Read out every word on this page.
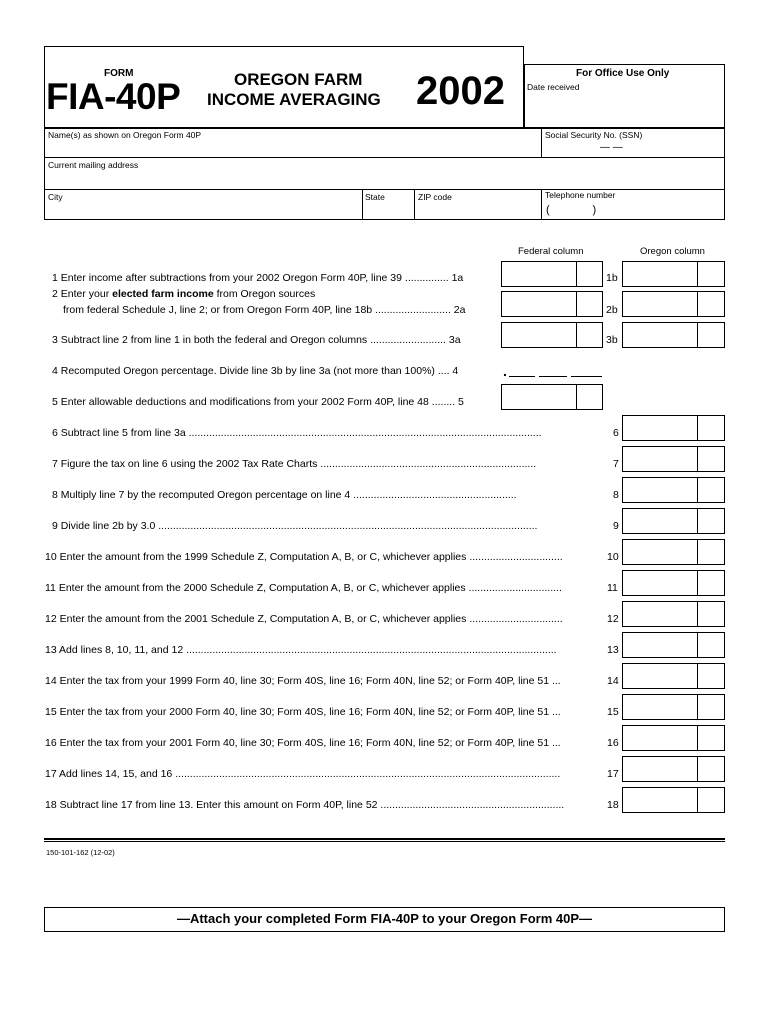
FORM
FIA-40P	OREGON FARM
INCOME AVERAGING 2002	For Office Use Only
Date received
Name(s) as shown on Oregon Form 40P	Social Security No. (SSN)
— —
Current mailing address
City	State	ZIP code	Telephone number
(              )
Federal column	Oregon column
1 Enter income after subtractions from your 2002 Oregon Form 40P, line 39 ............... 1a	1b
2 Enter your elected farm income from Oregon sources
from federal Schedule J, line 2; or from Oregon Form 40P, line 18b .......................... 2a	2b
3 Subtract line 2 from line 1 in both the federal and Oregon columns .......................... 3a	3b
4 Recomputed Oregon percentage. Divide line 3b by line 3a (not more than 100%) .... 4	.
5 Enter allowable deductions and modifications from your 2002 Form 40P, line 48 ........ 5
6 Subtract line 5 from line 3a .........................................................................................................................	6
7 Figure the tax on line 6 using the 2002 Tax Rate Charts ..........................................................................	7
8 Multiply line 7 by the recomputed Oregon percentage on line 4 ........................................................	8
9 Divide line 2b by 3.0 ..................................................................................................................................	9
10 Enter the amount from the 1999 Schedule Z, Computation A, B, or C, whichever applies ................................	10
11 Enter the amount from the 2000 Schedule Z, Computation A, B, or C, whichever applies ................................	11
12 Enter the amount from the 2001 Schedule Z, Computation A, B, or C, whichever applies ................................	12
13 Add lines 8, 10, 11, and 12 ...............................................................................................................................	13
14 Enter the tax from your 1999 Form 40, line 30; Form 40S, line 16; Form 40N, line 52; or Form 40P, line 51 ...	14
15 Enter the tax from your 2000 Form 40, line 30; Form 40S, line 16; Form 40N, line 52; or Form 40P, line 51 ...	15
16 Enter the tax from your 2001 Form 40, line 30; Form 40S, line 16; Form 40N, line 52; or Form 40P, line 51 ...	16
17 Add lines 14, 15, and 16 ....................................................................................................................................	17
18 Subtract line 17 from line 13. Enter this amount on Form 40P, line 52 ...............................................................	18
150-101-162 (12-02)
—Attach your completed Form FIA-40P to your Oregon Form 40P—
